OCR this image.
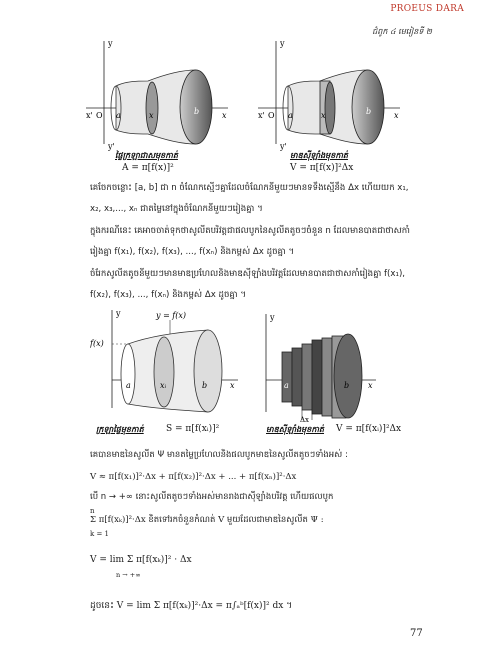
PROEUS DARA
ជំពូក ៤ មេរៀនទី ២
y
y'
x' O a	x	b	x
ផ្ទៃក្រឡាជាសមុខកាត់
A = π[f(x)]²
y
y'
x' O a	x	b	x
មាឌស៊ីឡាំងមុខកាត់
V = π[f(x)]²Δx
គេចែកចន្លោះ [a, b] ជា n ចំណែកស្មើៗគ្នាដែលចំណែកនីមួយៗមានទទឹងស្មើនឹង Δx ហើយយក x₁, x₂, x₃,..., xₙ ជាតម្លៃនៅក្នុងចំណែកនីមួយៗរៀងគ្នា ។
ក្នុងករណីនេះ គេអាចចាត់ទុកថាសូលីតបរិវត្តជាផលបូកនៃសូលីតតូចៗចំនួន n ដែលមានបាតជាថាសកាំរៀងគ្នា f(x₁), f(x₂), f(x₃), ..., f(xₙ) និងកម្ពស់ Δx ដូចគ្នា ។
ចំរែកសូលីតតូចនីមួយៗមានមាឌប្រហែលនិងមាឌស៊ីឡាំងបរិវត្តដែលមានបាតជាថាសកាំរៀងគ្នា f(x₁), f(x₂), f(x₃), ..., f(xₙ) និងកម្ពស់ Δx ដូចគ្នា ។
y
f(x)
y = f(x)
a	xᵢ	b	x
ក្រឡាផ្ទៃមុខកាត់ S = π[f(xᵢ)]²
y
a	b x
Δx
មាឌស៊ីឡាំងមុខកាត់ V = π[f(xᵢ)]²Δx
គេបានមាឌនៃសូលីត Ψ មានតម្លៃប្រហែលនិងផលបូកមាឌនៃសូលីតតូចៗទាំងអស់ :
V ≈ π[f(x₁)]²·Δx + π[f(x₂)]²·Δx + ... + π[f(xₙ)]²·Δx
បើ n → +∞ នោះសូលីតតូចៗទាំងអស់មានរាងជាស៊ីឡាំងបរិវត្ត ហើយផលបូក
n
Σ π[f(xₖ)]²·Δx ខិតទៅរកចំនួនកំណត់ V មួយដែលជាមាឌនៃសូលីត Ψ :
k = 1
V = lim Σ π[f(xₖ)]² · Δx
n → +∞
ដូចនេះ V = lim Σ π[f(xₖ)]²·Δx = π∫ₐᵇ[f(x)]² dx ។
77
